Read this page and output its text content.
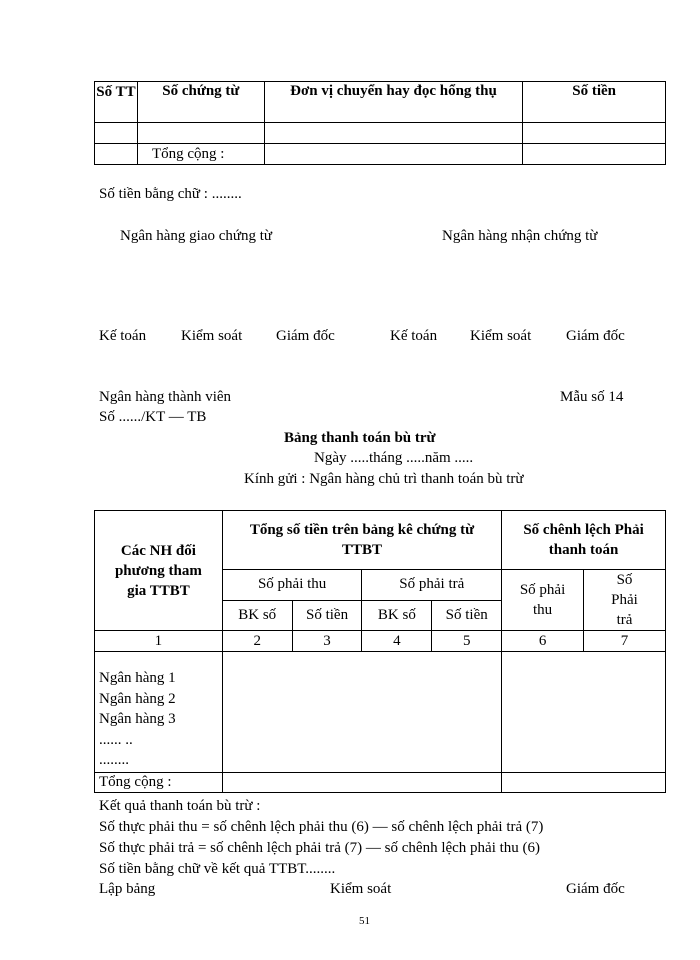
Số TT	Số chứng từ	Đơn vị chuyển hay đọc hổng thụ	Số tiền

	Tổng cộng :		
Số tiền bằng chữ : ........
Ngân hàng giao chứng từ	Ngân hàng nhận chứng từ
Kế toán Kiểm soát Giám đốc	Kế toán Kiểm soát Giám đốc
Ngân hàng thành viên	Mẫu số 14
Số ....../KT — TB
Bảng thanh toán bù trừ
Ngày .....tháng .....năm .....
Kính gửi : Ngân hàng chủ trì thanh toán bù trừ
Các NH đối phương tham gia TTBT	Tổng số tiền trên bảng kê chứng từ TTBT				Số chênh lệch Phải thanh toán	
	Số phải thu		Số phải trả		Số phải thu	Số Phải trả
	BK số	Số tiền	BK số	Số tiền		
1	2	3	4	5	6	7

Ngân hàng 1
Ngân hàng 2
Ngân hàng 3
...... ..
........						

Tổng cộng :						
Kết quả thanh toán bù trừ :
Số thực phải thu = số chênh lệch phải thu (6) — số chênh lệch phải trả (7)
Số thực phải trả = số chênh lệch phải trả (7) — số chênh lệch phải thu (6)
Số tiền bằng chữ về kết quả TTBT........
Lập bảng	Kiểm soát	Giám đốc
51
